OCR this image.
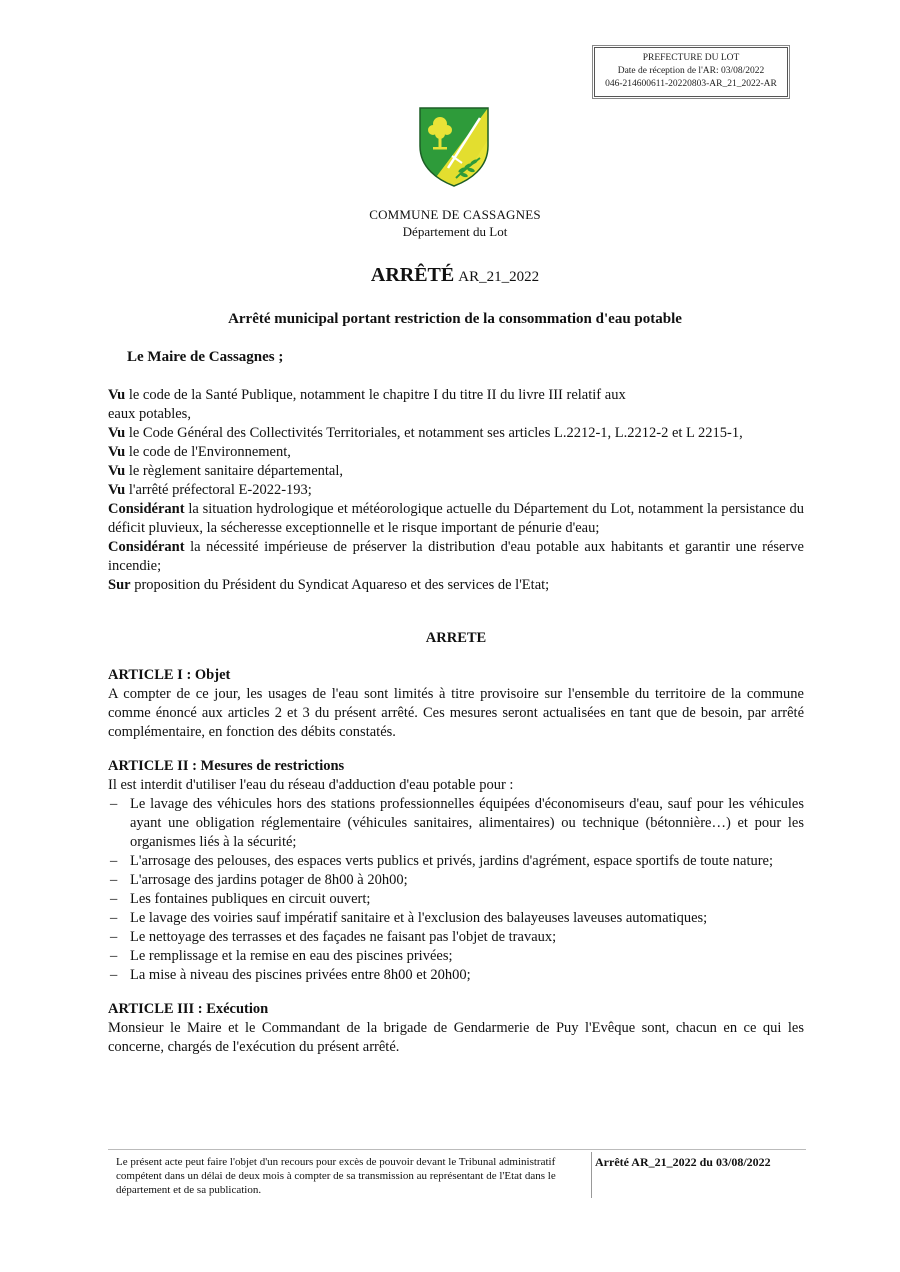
PREFECTURE DU LOT
Date de réception de l'AR: 03/08/2022
046-214600611-20220803-AR_21_2022-AR
COMMUNE DE CASSAGNES
Département du Lot
ARRÊTÉ AR_21_2022
Arrêté municipal portant restriction de la consommation d'eau potable
Le Maire de Cassagnes ;

Vu le code de la Santé Publique, notamment le chapitre I du titre II du livre III relatif aux
eaux potables,

Vu le Code Général des Collectivités Territoriales, et notamment ses articles L.2212-1, L.2212-2 et L 2215-1,

Vu le code de l'Environnement,

Vu le règlement sanitaire départemental,

Vu l'arrêté préfectoral E-2022-193;

Considérant la situation hydrologique et météorologique actuelle du Département du Lot, notamment la persistance du déficit pluvieux, la sécheresse exceptionnelle et le risque important de pénurie d'eau;

Considérant la nécessité impérieuse de préserver la distribution d'eau potable aux habitants et garantir une réserve incendie;

Sur proposition du Président du Syndicat Aquareso et des services de l'Etat;

ARRETE

ARTICLE I : Objet

A compter de ce jour, les usages de l'eau sont limités à titre provisoire sur l'ensemble du territoire de la commune comme énoncé aux articles 2 et 3 du présent arrêté. Ces mesures seront actualisées en tant que de besoin, par arrêté complémentaire, en fonction des débits constatés.

ARTICLE II : Mesures de restrictions

Il est interdit d'utiliser l'eau du réseau d'adduction d'eau potable pour :

– Le lavage des véhicules hors des stations professionnelles équipées d'économiseurs d'eau, sauf pour les véhicules ayant une obligation réglementaire (véhicules sanitaires, alimentaires) ou technique (bétonnière…) et pour les organismes liés à la sécurité;
– L'arrosage des pelouses, des espaces verts publics et privés, jardins d'agrément, espace sportifs de toute nature;
– L'arrosage des jardins potager de 8h00 à 20h00;
– Les fontaines publiques en circuit ouvert;
– Le lavage des voiries sauf impératif sanitaire et à l'exclusion des balayeuses laveuses automatiques;
– Le nettoyage des terrasses et des façades ne faisant pas l'objet de travaux;
– Le remplissage et la remise en eau des piscines privées;
– La mise à niveau des piscines privées entre 8h00 et 20h00;

ARTICLE III : Exécution

Monsieur le Maire et le Commandant de la brigade de Gendarmerie de Puy l'Evêque sont, chacun en ce qui les concerne, chargés de l'exécution du présent arrêté.

Le présent acte peut faire l'objet d'un recours pour excès de pouvoir devant le Tribunal administratif compétent dans un délai de deux mois à compter de sa transmission au représentant de l'Etat dans le département et de sa publication.
Arrêté AR_21_2022 du 03/08/2022
